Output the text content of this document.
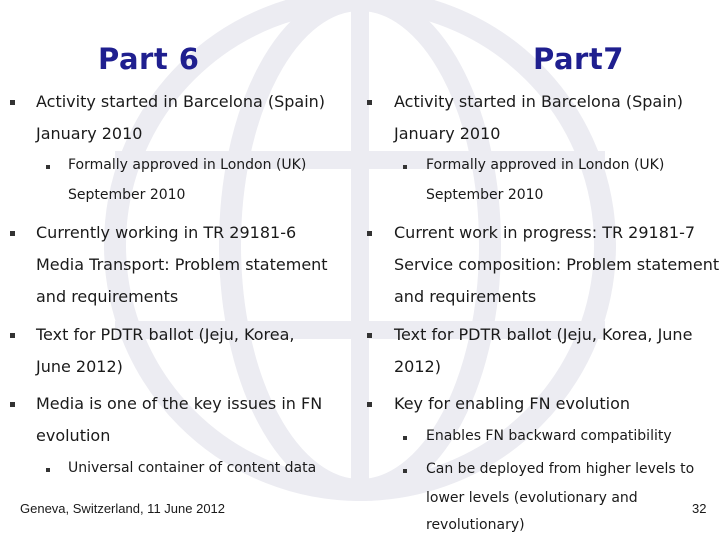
Part 6	Part7
Activity started in Barcelona (Spain)
January 2010
Formally approved in London (UK)
September 2010
Currently working in TR 29181-6
Media Transport: Problem statement
and requirements
Text for PDTR ballot (Jeju, Korea,
June 2012)
Media is one of the key issues in FN
evolution
Universal container of content data
Activity started in Barcelona (Spain)
January 2010
Formally approved in London (UK)
September 2010
Current work in progress: TR 29181-7
Service composition: Problem statement
and requirements
Text for PDTR ballot (Jeju, Korea, June
2012)
Key for enabling FN evolution
Enables FN backward compatibility
Can be deployed from higher levels to
lower levels (evolutionary and
revolutionary)
Geneva, Switzerland, 11 June 2012	32
